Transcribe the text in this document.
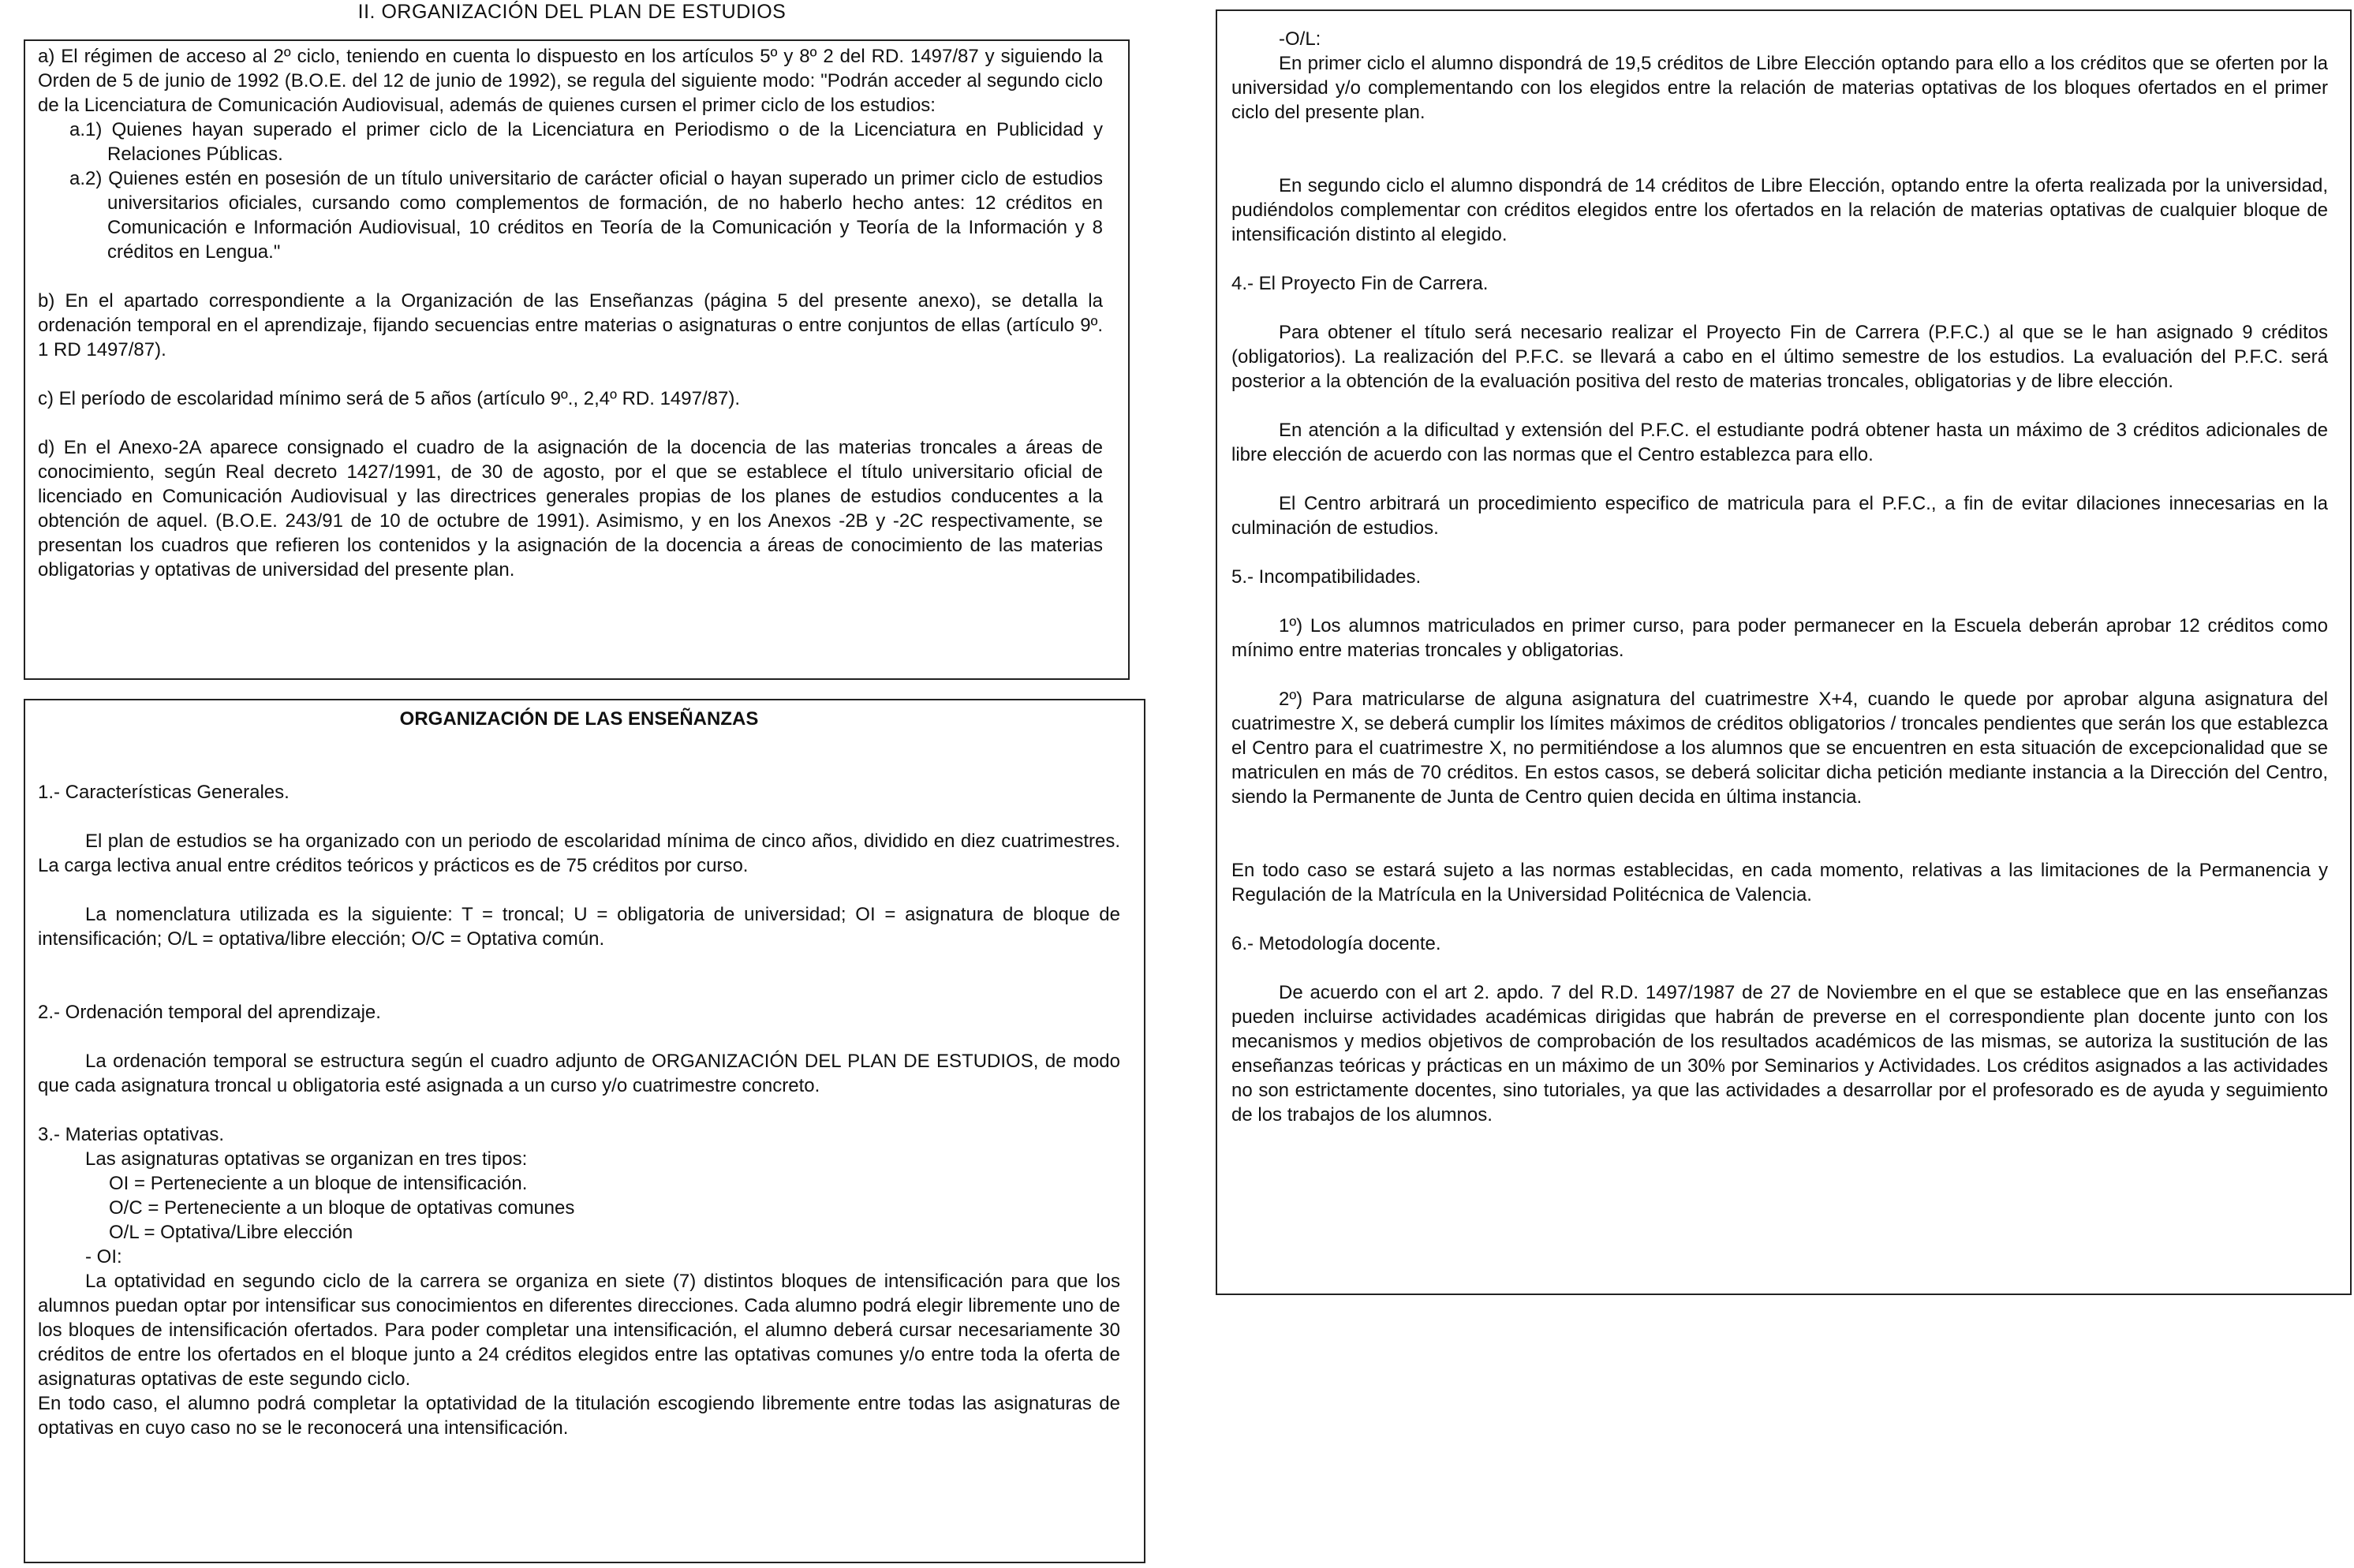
II. ORGANIZACIÓN DEL PLAN DE ESTUDIOS

a) El régimen de acceso al 2º ciclo, teniendo en cuenta lo dispuesto en los artículos 5º y 8º 2 del RD. 1497/87 y siguiendo la Orden de 5 de junio de 1992 (B.O.E. del 12 de junio de 1992), se regula del siguiente modo: "Podrán acceder al segundo ciclo de la Licenciatura de Comunicación Audiovisual, además de quienes cursen el primer ciclo de los estudios:

a.1) Quienes hayan superado el primer ciclo de la Licenciatura en Periodismo o de la Licenciatura en Publicidad y Relaciones Públicas.

a.2) Quienes estén en posesión de un título universitario de carácter oficial o hayan superado un primer ciclo de estudios universitarios oficiales, cursando como complementos de formación, de no haberlo hecho antes: 12 créditos en Comunicación e Información Audiovisual, 10 créditos en Teoría de la Comunicación y Teoría de la Información y 8 créditos en Lengua."

b) En el apartado correspondiente a la Organización de las Enseñanzas (página 5 del presente anexo), se detalla la ordenación temporal en el aprendizaje, fijando secuencias entre materias o asignaturas o entre conjuntos de ellas (artículo 9º. 1 RD 1497/87).

c) El período de escolaridad mínimo será de 5 años (artículo 9º., 2,4º RD. 1497/87).

d) En el Anexo-2A aparece consignado el cuadro de la asignación de la docencia de las materias troncales a áreas de conocimiento, según Real decreto 1427/1991, de 30 de agosto, por el que se establece el título universitario oficial de licenciado en Comunicación Audiovisual y las directrices generales propias de los planes de estudios conducentes a la obtención de aquel. (B.O.E. 243/91 de 10 de octubre de 1991). Asimismo, y en los Anexos -2B y -2C respectivamente, se presentan los cuadros que refieren los contenidos y la asignación de la docencia a áreas de conocimiento de las materias obligatorias y optativas de universidad del presente plan.

ORGANIZACIÓN DE LAS ENSEÑANZAS

1.- Características Generales.

El plan de estudios se ha organizado con un periodo de escolaridad mínima de cinco años, dividido en diez cuatrimestres. La carga lectiva anual entre créditos teóricos y prácticos es de 75 créditos por curso.

La nomenclatura utilizada es la siguiente: T = troncal; U = obligatoria de universidad; OI = asignatura de bloque de intensificación; O/L = optativa/libre elección; O/C = Optativa común.

2.- Ordenación temporal del aprendizaje.

La ordenación temporal se estructura según el cuadro adjunto de ORGANIZACIÓN DEL PLAN DE ESTUDIOS, de modo que cada asignatura troncal u obligatoria esté asignada a un curso y/o cuatrimestre concreto.

3.- Materias optativas.

Las asignaturas optativas se organizan en tres tipos:

OI = Perteneciente a un bloque de intensificación.

O/C = Perteneciente a un bloque de optativas comunes

O/L = Optativa/Libre elección

- OI:

La optatividad en segundo ciclo de la carrera se organiza en siete (7) distintos bloques de intensificación para que los alumnos puedan optar por intensificar sus conocimientos en diferentes direcciones. Cada alumno podrá elegir libremente uno de los bloques de intensificación ofertados. Para poder completar una intensificación, el alumno deberá cursar necesariamente 30 créditos de entre los ofertados en el bloque junto a 24 créditos elegidos entre las optativas comunes y/o entre toda la oferta de asignaturas optativas de este segundo ciclo.

En todo caso, el alumno podrá completar la optatividad de la titulación escogiendo libremente entre todas las asignaturas de optativas en cuyo caso no se le reconocerá una intensificación.

-O/L:

En primer ciclo el alumno dispondrá de 19,5 créditos de Libre Elección optando para ello a los créditos que se oferten por la universidad y/o complementando con los elegidos entre la relación de materias optativas de los bloques ofertados en el primer ciclo del presente plan.

En segundo ciclo el alumno dispondrá de 14 créditos de Libre Elección, optando entre la oferta realizada por la universidad, pudiéndolos complementar con créditos elegidos entre los ofertados en la relación de materias optativas de cualquier bloque de intensificación distinto al elegido.

4.- El Proyecto Fin de Carrera.

Para obtener el título será necesario realizar el Proyecto Fin de Carrera (P.F.C.) al que se le han asignado 9 créditos (obligatorios). La realización del P.F.C. se llevará a cabo en el último semestre de los estudios. La evaluación del P.F.C. será posterior a la obtención de la evaluación positiva del resto de materias troncales, obligatorias y de libre elección.

En atención a la dificultad y extensión del P.F.C. el estudiante podrá obtener hasta un máximo de 3 créditos adicionales de libre elección de acuerdo con las normas que el Centro establezca para ello.

El Centro arbitrará un procedimiento especifico de matricula para el P.F.C., a fin de evitar dilaciones innecesarias en la culminación de estudios.

5.- Incompatibilidades.

1º) Los alumnos matriculados en primer curso, para poder permanecer en la Escuela deberán aprobar 12 créditos como mínimo entre materias troncales y obligatorias.

2º) Para matricularse de alguna asignatura del cuatrimestre X+4, cuando le quede por aprobar alguna asignatura del cuatrimestre X, se deberá cumplir los límites máximos de créditos obligatorios / troncales pendientes que serán los que establezca el Centro para el cuatrimestre X, no permitiéndose a los alumnos que se encuentren en esta situación de excepcionalidad que se matriculen en más de 70 créditos. En estos casos, se deberá solicitar dicha petición mediante instancia a la Dirección del Centro, siendo la Permanente de Junta de Centro quien decida en última instancia.

En todo caso se estará sujeto a las normas establecidas, en cada momento, relativas a las limitaciones de la Permanencia y Regulación de la Matrícula en la Universidad Politécnica de Valencia.

6.- Metodología docente.

De acuerdo con el art 2. apdo. 7 del R.D. 1497/1987 de 27 de Noviembre en el que se establece que en las enseñanzas pueden incluirse actividades académicas dirigidas que habrán de preverse en el correspondiente plan docente junto con los mecanismos y medios objetivos de comprobación de los resultados académicos de las mismas, se autoriza la sustitución de las enseñanzas teóricas y prácticas en un máximo de un 30% por Seminarios y Actividades. Los créditos asignados a las actividades no son estrictamente docentes, sino tutoriales, ya que las actividades a desarrollar por el profesorado es de ayuda y seguimiento de los trabajos de los alumnos.
